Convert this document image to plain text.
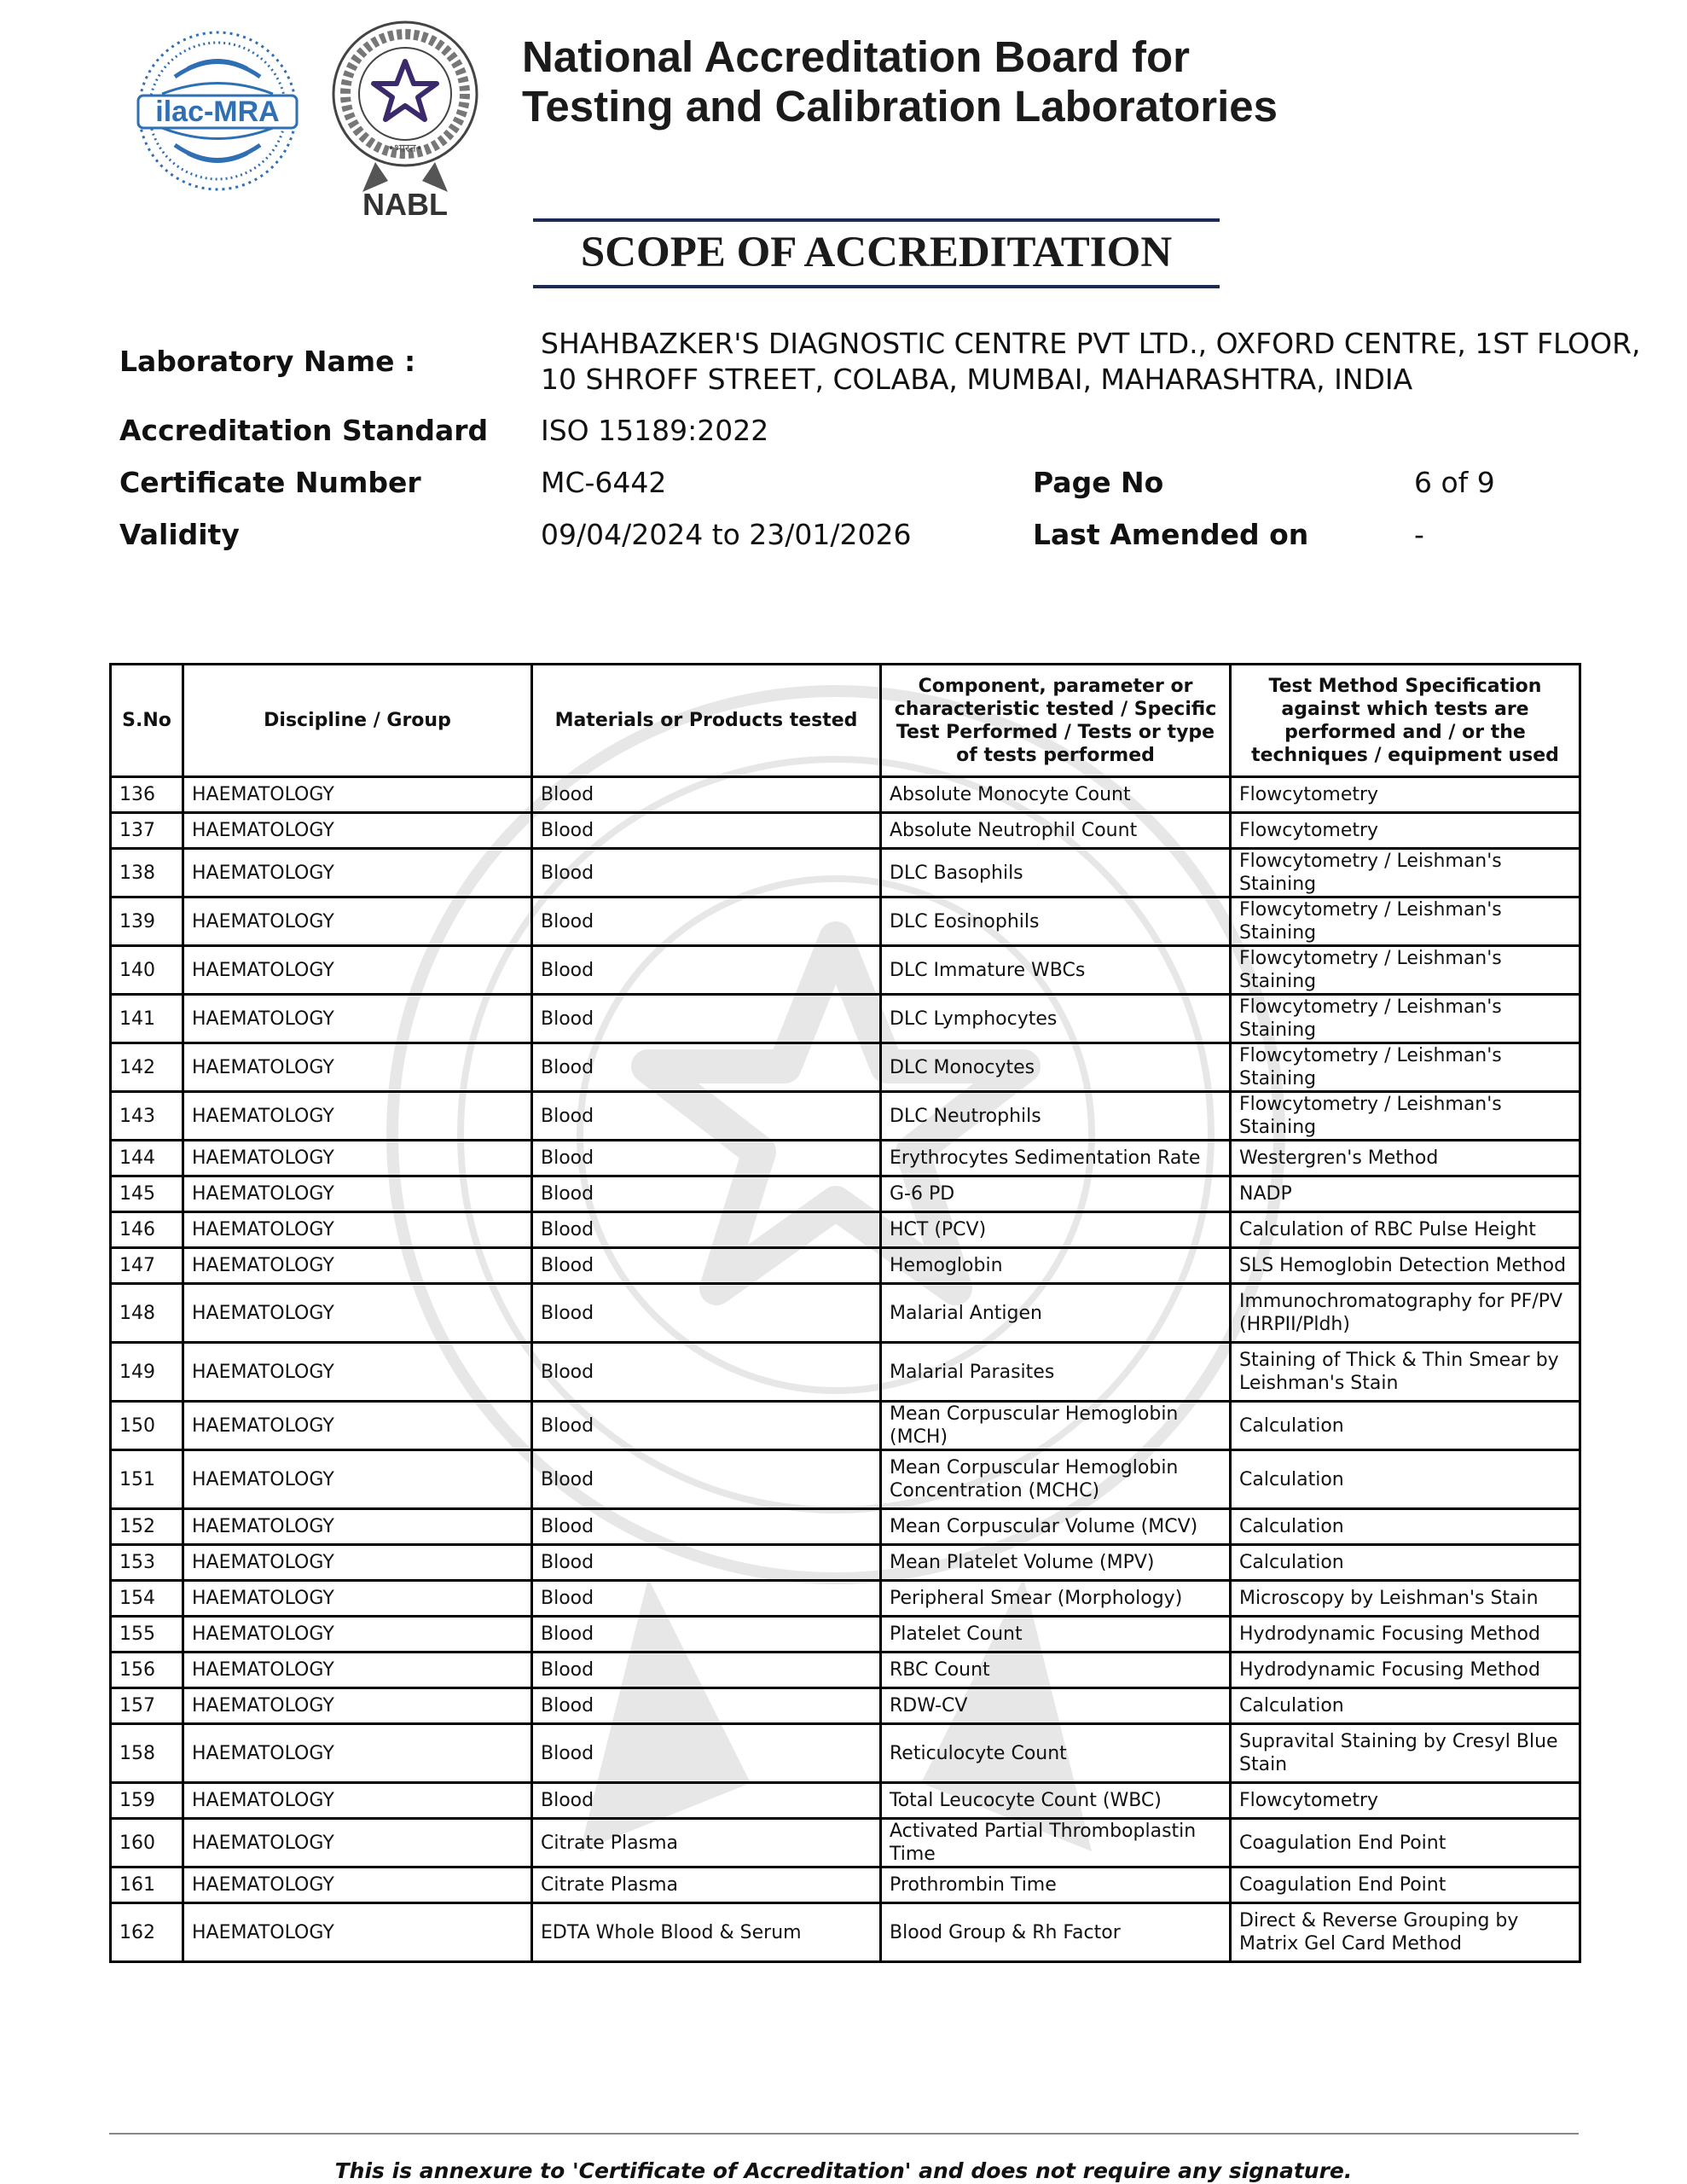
ilac-MRA
•भारत•
NABL
National Accreditation Board for
Testing and Calibration Laboratories
SCOPE OF ACCREDITATION
Laboratory Name :
SHAHBAZKER'S DIAGNOSTIC CENTRE PVT LTD., OXFORD CENTRE, 1ST FLOOR,
10 SHROFF STREET, COLABA, MUMBAI, MAHARASHTRA, INDIA
Accreditation Standard ISO 15189:2022
Certificate Number	MC-6442	Page No	6 of 9
Validity	09/04/2024 to 23/01/2026	Last Amended on	-
S.No	Discipline / Group	Materials or Products tested	Component, parameter or characteristic tested / Specific Test Performed / Tests or type of tests performed	Test Method Specification against which tests are performed and / or the techniques / equipment used
136	HAEMATOLOGY	Blood	Absolute Monocyte Count	Flowcytometry
137	HAEMATOLOGY	Blood	Absolute Neutrophil Count	Flowcytometry
138	HAEMATOLOGY	Blood	DLC Basophils	Flowcytometry / Leishman's Staining
139	HAEMATOLOGY	Blood	DLC Eosinophils	Flowcytometry / Leishman's Staining
140	HAEMATOLOGY	Blood	DLC Immature WBCs	Flowcytometry / Leishman's Staining
141	HAEMATOLOGY	Blood	DLC Lymphocytes	Flowcytometry / Leishman's Staining
142	HAEMATOLOGY	Blood	DLC Monocytes	Flowcytometry / Leishman's Staining
143	HAEMATOLOGY	Blood	DLC Neutrophils	Flowcytometry / Leishman's Staining
144	HAEMATOLOGY	Blood	Erythrocytes Sedimentation Rate	Westergren's Method
145	HAEMATOLOGY	Blood	G-6 PD	NADP
146	HAEMATOLOGY	Blood	HCT (PCV)	Calculation of RBC Pulse Height
147	HAEMATOLOGY	Blood	Hemoglobin	SLS Hemoglobin Detection Method
148	HAEMATOLOGY	Blood	Malarial Antigen	Immunochromatography for PF/PV (HRPII/Pldh)
149	HAEMATOLOGY	Blood	Malarial Parasites	Staining of Thick & Thin Smear by Leishman's Stain
150	HAEMATOLOGY	Blood	Mean Corpuscular Hemoglobin (MCH)	Calculation
151	HAEMATOLOGY	Blood	Mean Corpuscular Hemoglobin Concentration (MCHC)	Calculation
152	HAEMATOLOGY	Blood	Mean Corpuscular Volume (MCV)	Calculation
153	HAEMATOLOGY	Blood	Mean Platelet Volume (MPV)	Calculation
154	HAEMATOLOGY	Blood	Peripheral Smear (Morphology)	Microscopy by Leishman's Stain
155	HAEMATOLOGY	Blood	Platelet Count	Hydrodynamic Focusing Method
156	HAEMATOLOGY	Blood	RBC Count	Hydrodynamic Focusing Method
157	HAEMATOLOGY	Blood	RDW-CV	Calculation
158	HAEMATOLOGY	Blood	Reticulocyte Count	Supravital Staining by Cresyl Blue Stain
159	HAEMATOLOGY	Blood	Total Leucocyte Count (WBC)	Flowcytometry
160	HAEMATOLOGY	Citrate Plasma	Activated Partial Thromboplastin Time	Coagulation End Point
161	HAEMATOLOGY	Citrate Plasma	Prothrombin Time	Coagulation End Point
162	HAEMATOLOGY	EDTA Whole Blood & Serum	Blood Group & Rh Factor	Direct & Reverse Grouping by Matrix Gel Card Method
This is annexure to 'Certificate of Accreditation' and does not require any signature.
